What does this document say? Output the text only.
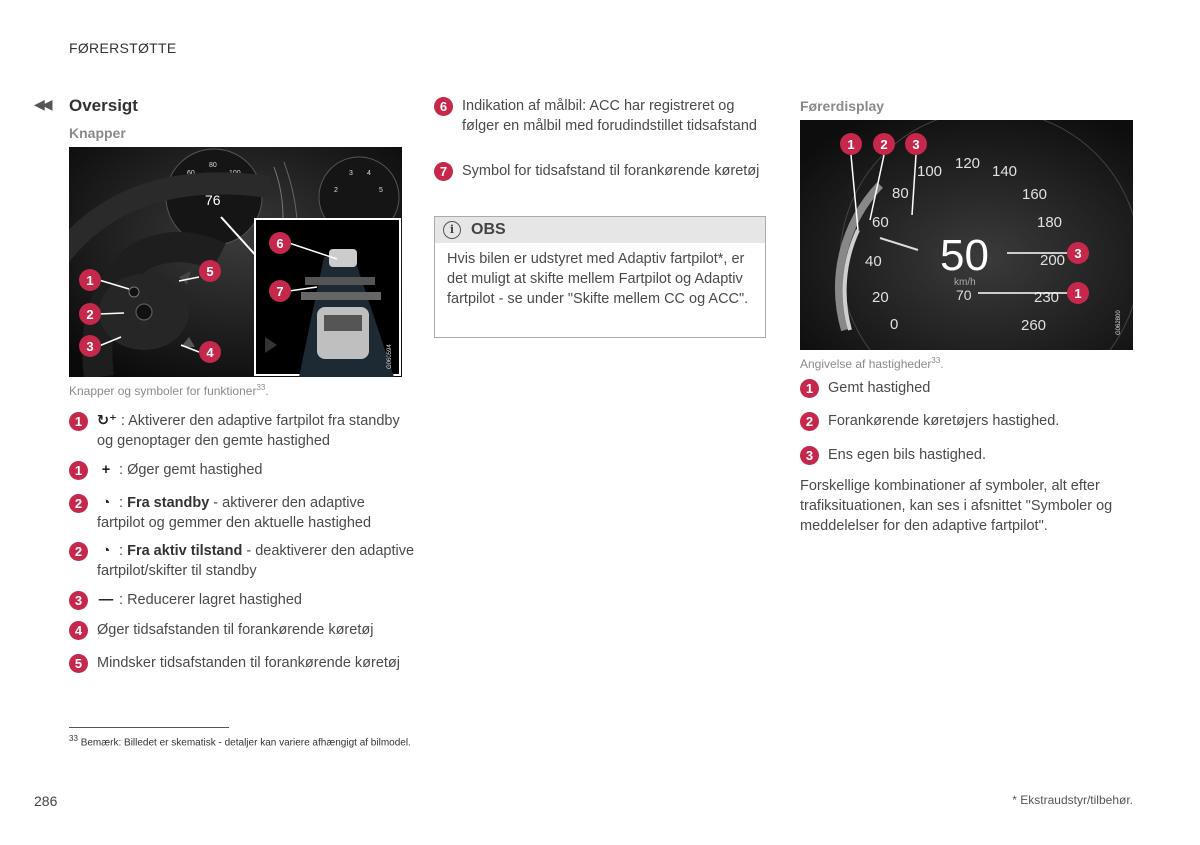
FØRERSTØTTE
◀◀ Oversigt
Knapper
40
60
80
100
120	2
3 4
5
76
G060594
1
2
3	4
5
6
7
Knapper og symboler for funktioner$^{33}$.
1	↻⁺ : Aktiverer den adaptive fartpilot fra standby og genoptager den gemte hastighed
1	+ : Øger gemt hastighed
2	◔ : Fra standby - aktiverer den adaptive fartpilot og gemmer den aktuelle hastighed
2	◔ : Fra aktiv tilstand - deaktiverer den adaptive fartpilot/skifter til standby
3	— : Reducerer lagret hastighed
4	Øger tidsafstanden til forankørende køretøj
5	Mindsker tidsafstanden til forankørende køretøj
6	Indikation af målbil: ACC har registreret og følger en målbil med forudindstillet tidsafstand
7	Symbol for tidsafstand til forankørende køretøj
i	OBS
Hvis bilen er udstyret med Adaptiv fartpilot*, er det muligt at skifte mellem Fartpilot og Adaptiv fartpilot - se under "Skifte mellem CC og ACC".
Førerdisplay
0
20
40
60
80
100 120 140
160
180
200
230
260
50
km/h
70
G062800
1 2 3
3
1
Angivelse af hastigheder$^{33}$.
1	Gemt hastighed
2	Forankørende køretøjers hastighed.
3	Ens egen bils hastighed.
Forskellige kombinationer af symboler, alt efter trafiksituationen, kan ses i afsnittet "Symboler og meddelelser for den adaptive fartpilot".
$^{33}$ Bemærk: Billedet er skematisk - detaljer kan variere afhængigt af bilmodel.
286	* Ekstraudstyr/tilbehør.
